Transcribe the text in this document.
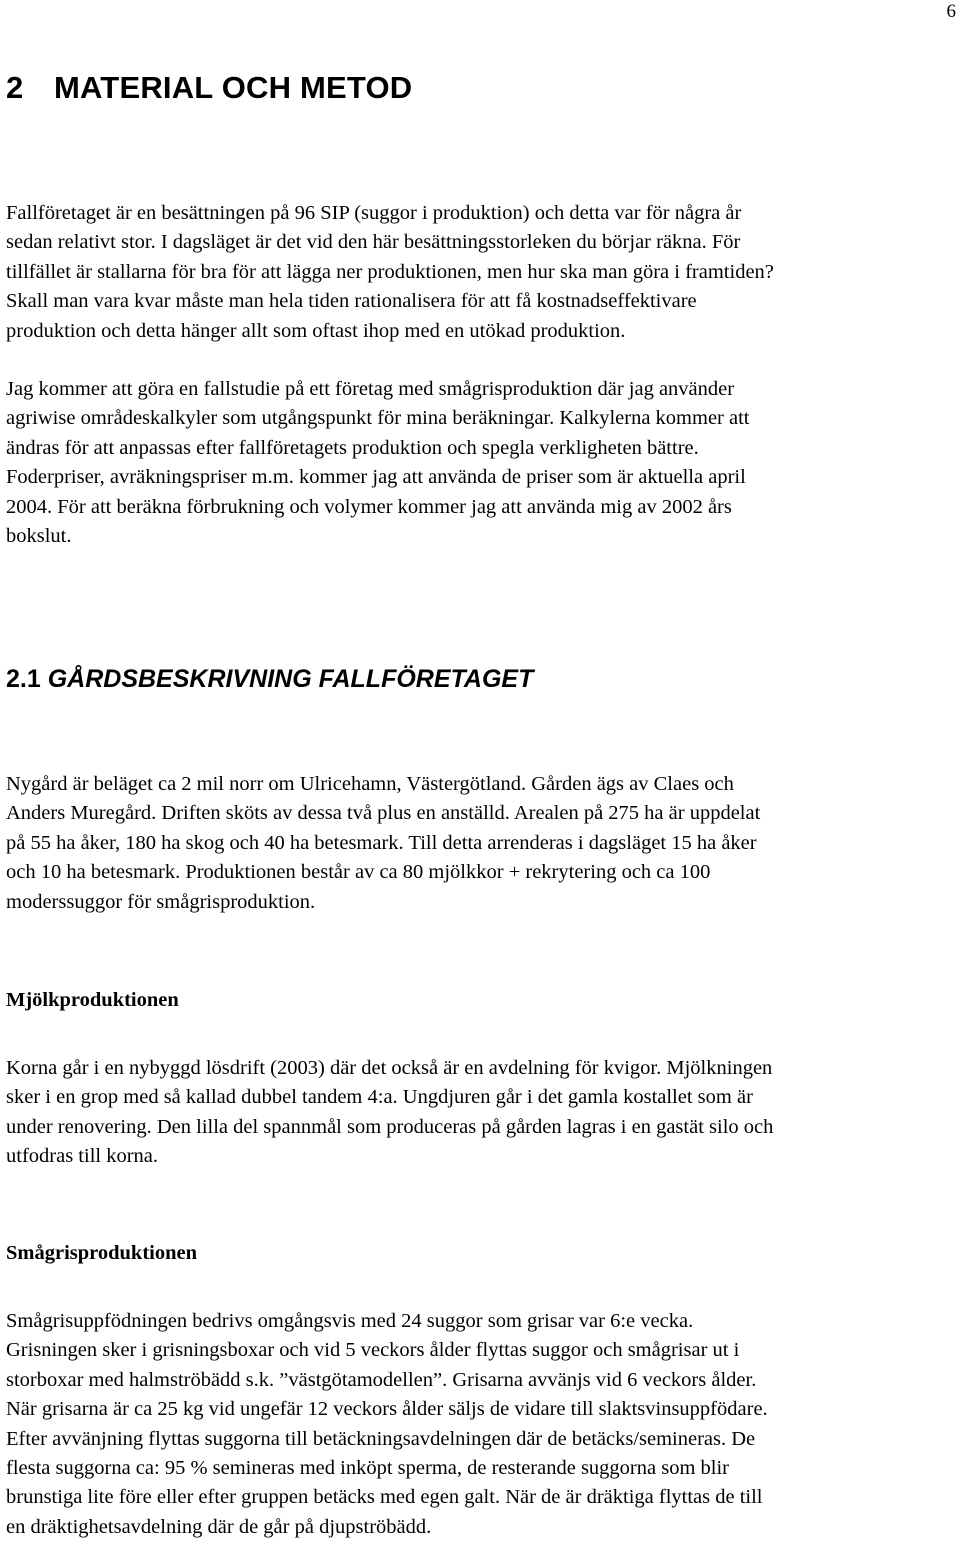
6
2 MATERIAL OCH METOD
Fallföretaget är en besättningen på 96 SIP (suggor i produktion) och detta var för några år
sedan relativt stor. I dagsläget är det vid den här besättningsstorleken du börjar räkna. För
tillfället är stallarna för bra för att lägga ner produktionen, men hur ska man göra i framtiden?
Skall man vara kvar måste man hela tiden rationalisera för att få kostnadseffektivare
produktion och detta hänger allt som oftast ihop med en utökad produktion.
Jag kommer att göra en fallstudie på ett företag med smågrisproduktion där jag använder
agriwise områdeskalkyler som utgångspunkt för mina beräkningar. Kalkylerna kommer att
ändras för att anpassas efter fallföretagets produktion och spegla verkligheten bättre.
Foderpriser, avräkningspriser m.m. kommer jag att använda de priser som är aktuella april
2004. För att beräkna förbrukning och volymer kommer jag att använda mig av 2002 års
bokslut.
2.1 GÅRDSBESKRIVNING FALLFÖRETAGET
Nygård är beläget ca 2 mil norr om Ulricehamn, Västergötland. Gården ägs av Claes och
Anders Muregård. Driften sköts av dessa två plus en anställd. Arealen på 275 ha är uppdelat
på 55 ha åker, 180 ha skog och 40 ha betesmark. Till detta arrenderas i dagsläget 15 ha åker
och 10 ha betesmark. Produktionen består av ca 80 mjölkkor + rekrytering och ca 100
moderssuggor för smågrisproduktion.
Mjölkproduktionen
Korna går i en nybyggd lösdrift (2003) där det också är en avdelning för kvigor. Mjölkningen
sker i en grop med så kallad dubbel tandem 4:a. Ungdjuren går i det gamla kostallet som är
under renovering. Den lilla del spannmål som produceras på gården lagras i en gastät silo och
utfodras till korna.
Smågrisproduktionen
Smågrisuppfödningen bedrivs omgångsvis med 24 suggor som grisar var 6:e vecka.
Grisningen sker i grisningsboxar och vid 5 veckors ålder flyttas suggor och smågrisar ut i
storboxar med halmströbädd s.k. ”västgötamodellen”. Grisarna avvänjs vid 6 veckors ålder.
När grisarna är ca 25 kg vid ungefär 12 veckors ålder säljs de vidare till slaktsvinsuppfödare.
Efter avvänjning flyttas suggorna till betäckningsavdelningen där de betäcks/semineras. De
flesta suggorna ca: 95 % semineras med inköpt sperma, de resterande suggorna som blir
brunstiga lite före eller efter gruppen betäcks med egen galt. När de är dräktiga flyttas de till
en dräktighetsavdelning där de går på djupströbädd.
